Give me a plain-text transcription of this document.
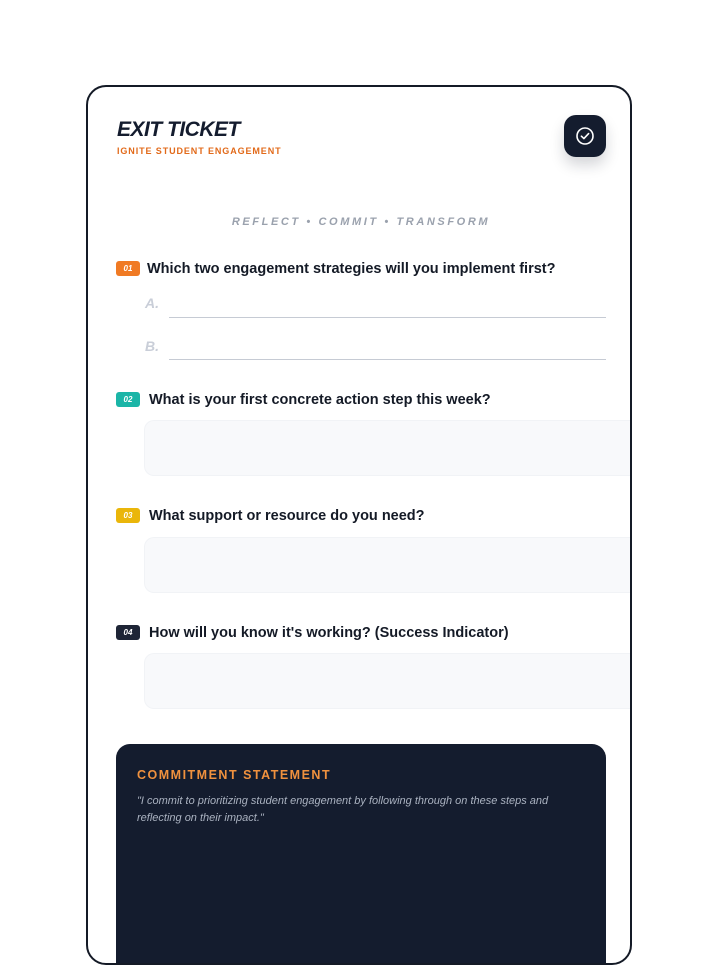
EXIT TICKET
IGNITE STUDENT ENGAGEMENT
REFLECT • COMMIT • TRANSFORM
01	Which two engagement strategies will you implement first?
A.
B.
02	What is your first concrete action step this week?
03	What support or resource do you need?
04	How will you know it's working? (Success Indicator)
COMMITMENT STATEMENT
"I commit to prioritizing student engagement by following through on these steps and reflecting on their impact."
